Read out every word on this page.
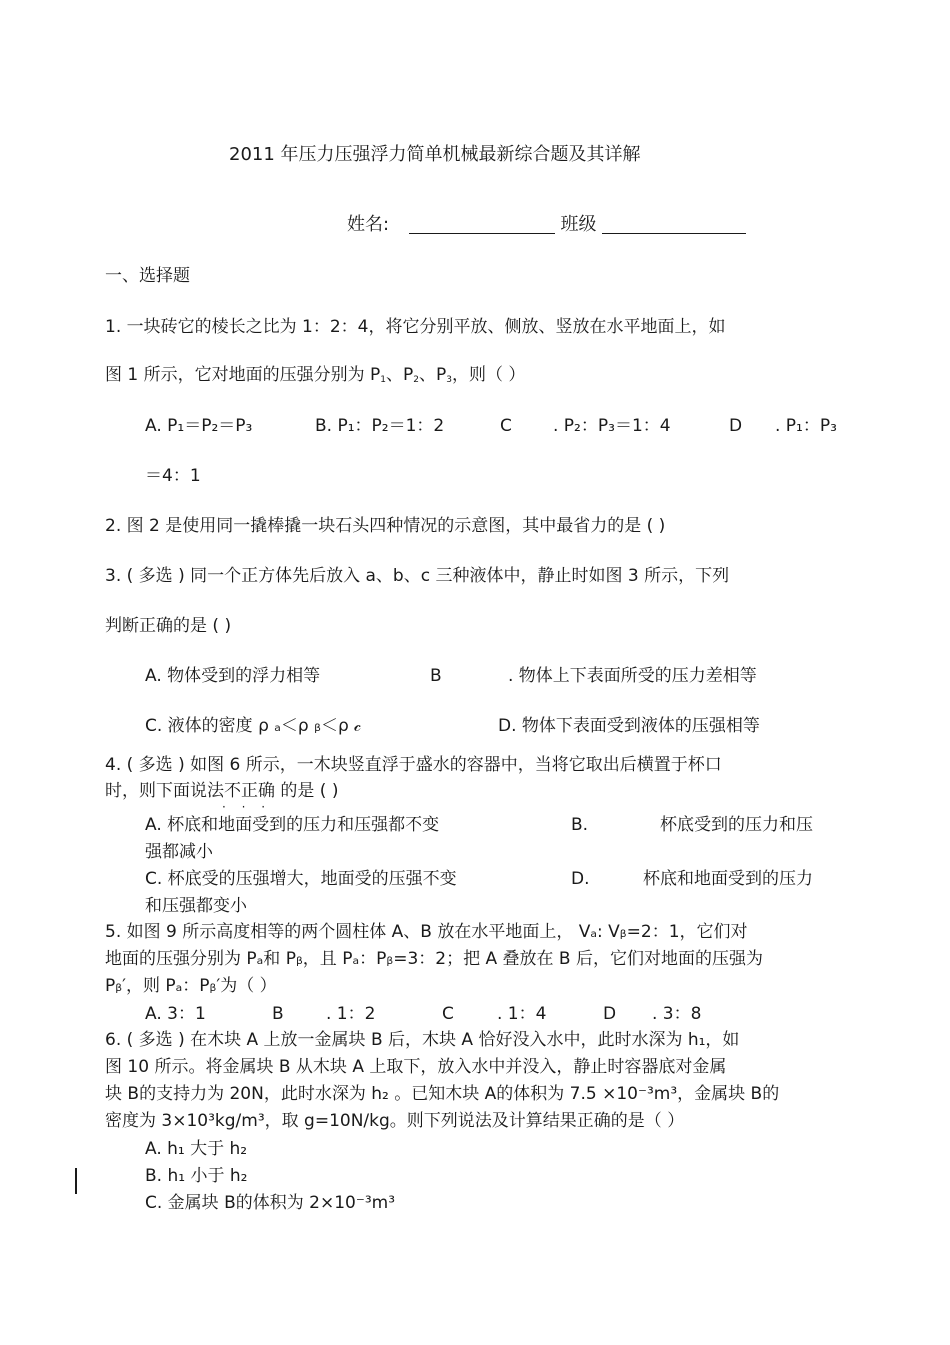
2011 年压力压强浮力简单机械最新综合题及其详解
姓名:	班级
一、选择题
1. 一块砖它的棱长之比为 1：2：4，将它分别平放、侧放、竖放在水平地面上，如
图 1 所示，它对地面的压强分别为 $P_1$、$P_2$、$P_3$，则（ ）
A. P₁＝P₂＝P₃	B. P₁：P₂＝1：2	C . P₂：P₃＝1：4	D . P₁：P₃
＝4：1
2. 图 2 是使用同一撬棒撬一块石头四种情况的示意图，其中最省力的是 ( )
3. ( 多选 ) 同一个正方体先后放入 a、b、c 三种液体中，静止时如图 3 所示，下列
判断正确的是 ( )
A. 物体受到的浮力相等	B	. 物体上下表面所受的压力差相等
C. 液体的密度 ρ ₐ＜ρ ᵦ＜ρ 𝒸	D. 物体下表面受到液体的压强相等
4. ( 多选 ) 如图 6 所示，一木块竖直浮于盛水的容器中，当将它取出后横置于杯口
时，则下面说法不正确 · · · 的是 ( )
A. 杯底和地面受到的压力和压强都不变	B.	杯底受到的压力和压
强都减小
C. 杯底受的压强增大，地面受的压强不变	D.	杯底和地面受到的压力
和压强都变小
5. 如图 9 所示高度相等的两个圆柱体 A、B 放在水平地面上， Vₐ: Vᵦ=2：1，它们对
地面的压强分别为 Pₐ和 Pᵦ，且 Pₐ：Pᵦ=3：2；把 A 叠放在 B 后，它们对地面的压强为
Pᵦ′，则 Pₐ：Pᵦ′为（ ）
A. 3：1	B . 1：2	C	. 1：4	D . 3：8
6. ( 多选 ) 在木块 A 上放一金属块 B 后，木块 A 恰好没入水中，此时水深为 h₁，如
图 10 所示。将金属块 B 从木块 A 上取下，放入水中并没入，静止时容器底对金属
块 B的支持力为 20N，此时水深为 h₂ 。已知木块 A的体积为 7.5 ×10⁻³m³，金属块 B的
密度为 3×10³kg/m³，取 g=10N/kg。则下列说法及计算结果正确的是（ ）
A. h₁ 大于 h₂
B. h₁ 小于 h₂
C. 金属块 B的体积为 2×10⁻³m³
